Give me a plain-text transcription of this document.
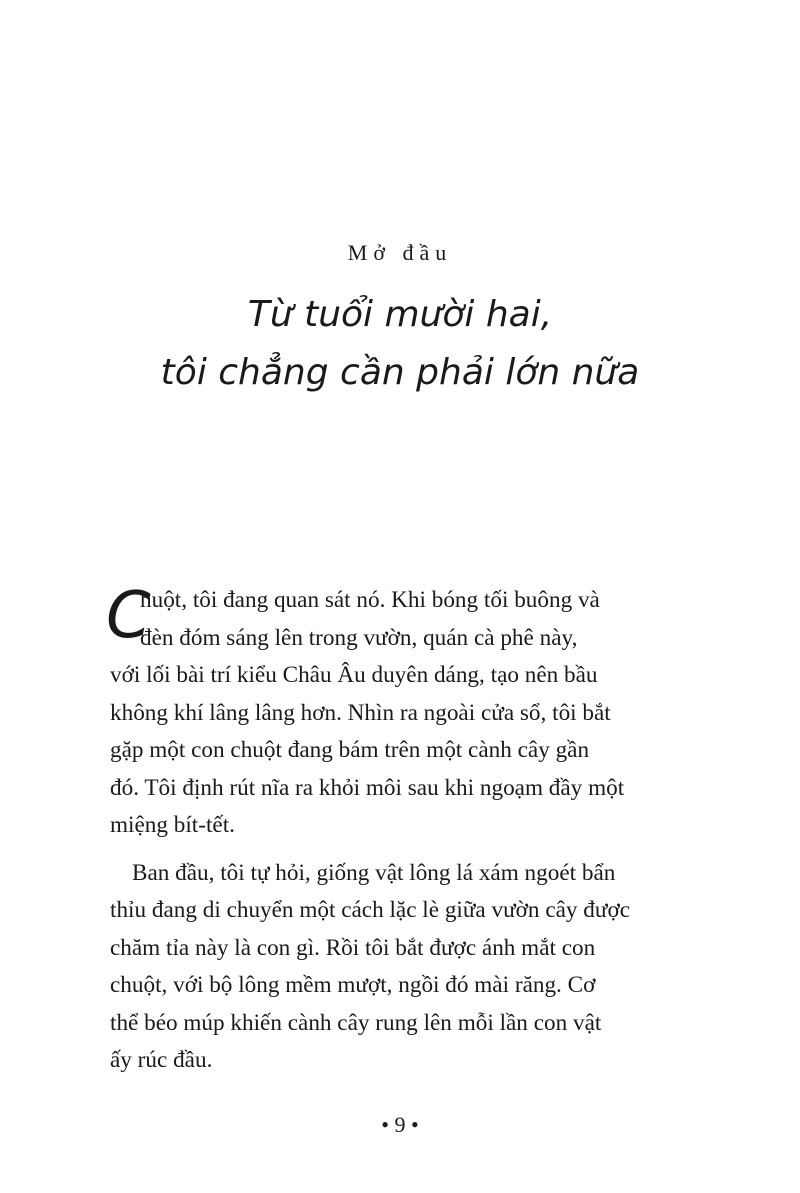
Mở đầu
Từ tuổi mười hai,
tôi chẳng cần phải lớn nữa

C
huột, tôi đang quan sát nó. Khi bóng tối buông và
đèn đóm sáng lên trong vườn, quán cà phê này,
với lối bài trí kiểu Châu Âu duyên dáng, tạo nên bầu
không khí lâng lâng hơn. Nhìn ra ngoài cửa sổ, tôi bắt
gặp một con chuột đang bám trên một cành cây gần
đó. Tôi định rút nĩa ra khỏi môi sau khi ngoạm đầy một
miệng bít-tết.

Ban đầu, tôi tự hỏi, giống vật lông lá xám ngoét bẩn
thỉu đang di chuyển một cách lặc lè giữa vườn cây được
chăm tỉa này là con gì. Rồi tôi bắt được ánh mắt con
chuột, với bộ lông mềm mượt, ngồi đó mài răng. Cơ
thể béo múp khiến cành cây rung lên mỗi lần con vật
ấy rúc đầu.

• 9 •
